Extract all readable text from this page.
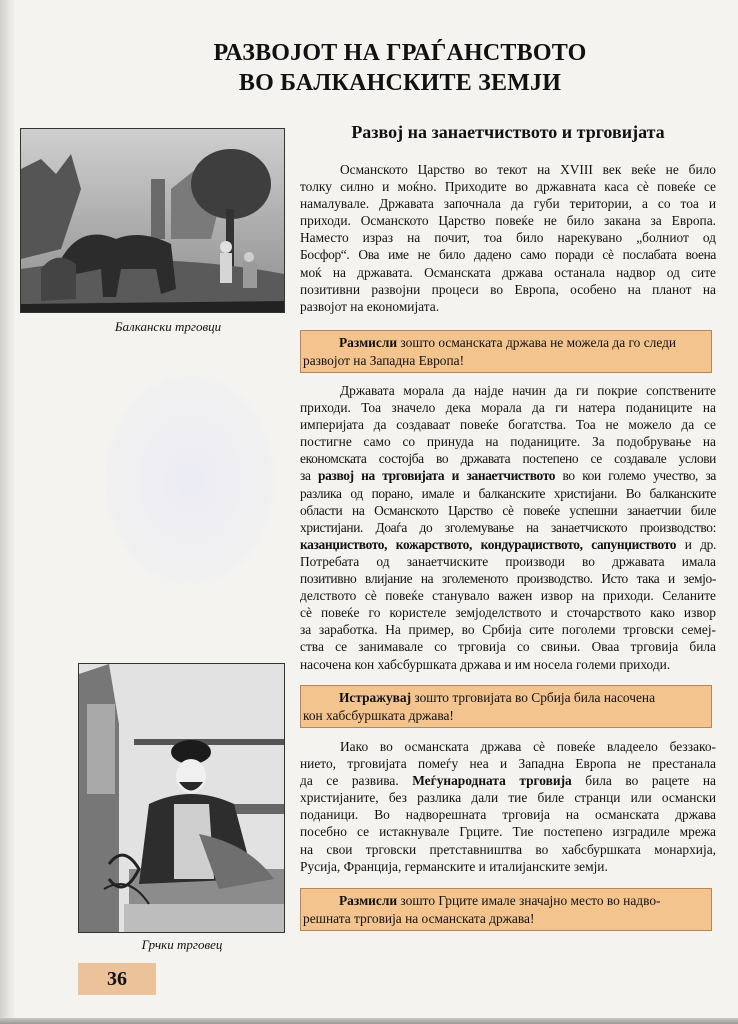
РАЗВОЈОТ НА ГРАЃАНСТВОТО
ВО БАЛКАНСКИТЕ ЗЕМЈИ
Балкански трговци
Грчки трговец
Развој на занаетчиството и трговијата
Османското Царство во текот на XVIII век веќе не било
толку силно и моќно. Приходите во државната каса сè повеќе се
намалувале. Државата започнала да губи територии, а со тоа и
приходи. Османското Царство повеќе не било закана за Европа.
Наместо израз на почит, тоа било нарекувано „болниот од
Босфор“. Ова име не било дадено само поради сè послабата воена
моќ на државата. Османската држава останала надвор од сите
позитивни развојни процеси во Европа, особено на планот на
развојот на економијата.
Размисли зошто османската држава не можела да го следи
развојот на Западна Европа!
Државата морала да најде начин да ги покрие сопствените
приходи. Тоа значело дека морала да ги натера поданиците на
империјата да создаваат повеќе богатства. Тоа не можело да се
постигне само со принуда на поданиците. За подобрување на
економската состојба во државата постепено се создавале услови
за развој на трговијата и занаетчиството во кои големо учество, за
разлика од порано, имале и балканските христијани. Во балканските
области на Османското Царство сè повеќе успешни занаетчии биле
христијани. Доаѓа до зголемување на занаетчиското производство:
казанџиството, кожарството, кондураџиството, сапунџиството и др.
Потребата од занаетчиските производи во државата имала
позитивно влијание на зголеменото производство. Исто така и земјо-
делството сè повеќе станувало важен извор на приходи. Селаните
сè повеќе го користеле земјоделството и сточарството како извор
за заработка. На пример, во Србија сите поголеми трговски семеј-
ства се занимавале со трговија со свињи. Оваа трговија била
насочена кон хабсбуршката држава и им носела големи приходи.
Истражувај зошто трговијата во Србија била насочена
кон хабсбуршката држава!
Иако во османската држава сè повеќе владеело беззако-
нието, трговијата помеѓу неа и Западна Европа не престанала
да се развива. Меѓународната трговија била во рацете на
христијаните, без разлика дали тие биле странци или османски
поданици. Во надворешната трговија на османската држава
посебно се истакнувале Грците. Тие постепено изградиле мрежа
на свои трговски претставништва во хабсбуршката монархија,
Русија, Франција, германските и италијанските земји.
Размисли зошто Грците имале значајно место во надво-
решната трговија на османската држава!
36
